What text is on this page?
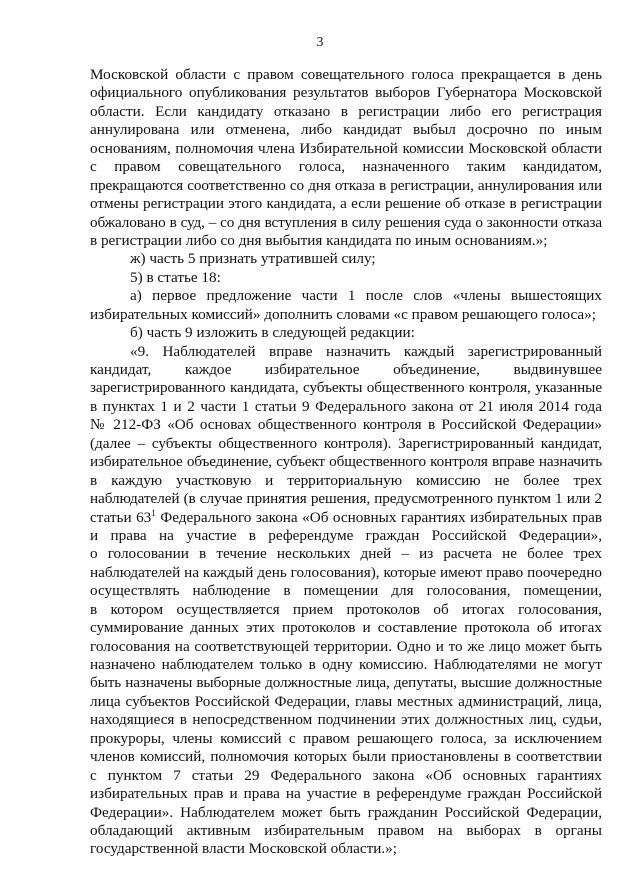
3
Московской области с правом совещательного голоса прекращается в день
официального опубликования результатов выборов Губернатора Московской
области. Если кандидату отказано в регистрации либо его регистрация
аннулирована или отменена, либо кандидат выбыл досрочно по иным
основаниям, полномочия члена Избирательной комиссии Московской области
с правом совещательного голоса, назначенного таким кандидатом,
прекращаются соответственно со дня отказа в регистрации, аннулирования или
отмены регистрации этого кандидата, а если решение об отказе в регистрации
обжаловано в суд, – со дня вступления в силу решения суда о законности отказа
в регистрации либо со дня выбытия кандидата по иным основаниям.»;
ж) часть 5 признать утратившей силу;
5) в статье 18:
а) первое предложение части 1 после слов «члены вышестоящих
избирательных комиссий» дополнить словами «с правом решающего голоса»;
б) часть 9 изложить в следующей редакции:
«9. Наблюдателей вправе назначить каждый зарегистрированный
кандидат, каждое избирательное объединение, выдвинувшее
зарегистрированного кандидата, субъекты общественного контроля, указанные
в пунктах 1 и 2 части 1 статьи 9 Федерального закона от 21 июля 2014 года
№ 212-ФЗ «Об основах общественного контроля в Российской Федерации»
(далее – субъекты общественного контроля). Зарегистрированный кандидат,
избирательное объединение, субъект общественного контроля вправе назначить
в каждую участковую и территориальную комиссию не более трех
наблюдателей (в случае принятия решения, предусмотренного пунктом 1 или 2
статьи $63^1$ Федерального закона «Об основных гарантиях избирательных прав
и права на участие в референдуме граждан Российской Федерации»,
о голосовании в течение нескольких дней – из расчета не более трех
наблюдателей на каждый день голосования), которые имеют право поочередно
осуществлять наблюдение в помещении для голосования, помещении,
в котором осуществляется прием протоколов об итогах голосования,
суммирование данных этих протоколов и составление протокола об итогах
голосования на соответствующей территории. Одно и то же лицо может быть
назначено наблюдателем только в одну комиссию. Наблюдателями не могут
быть назначены выборные должностные лица, депутаты, высшие должностные
лица субъектов Российской Федерации, главы местных администраций, лица,
находящиеся в непосредственном подчинении этих должностных лиц, судьи,
прокуроры, члены комиссий с правом решающего голоса, за исключением
членов комиссий, полномочия которых были приостановлены в соответствии
с пунктом 7 статьи 29 Федерального закона «Об основных гарантиях
избирательных прав и права на участие в референдуме граждан Российской
Федерации». Наблюдателем может быть гражданин Российской Федерации,
обладающий активным избирательным правом на выборах в органы
государственной власти Московской области.»;
